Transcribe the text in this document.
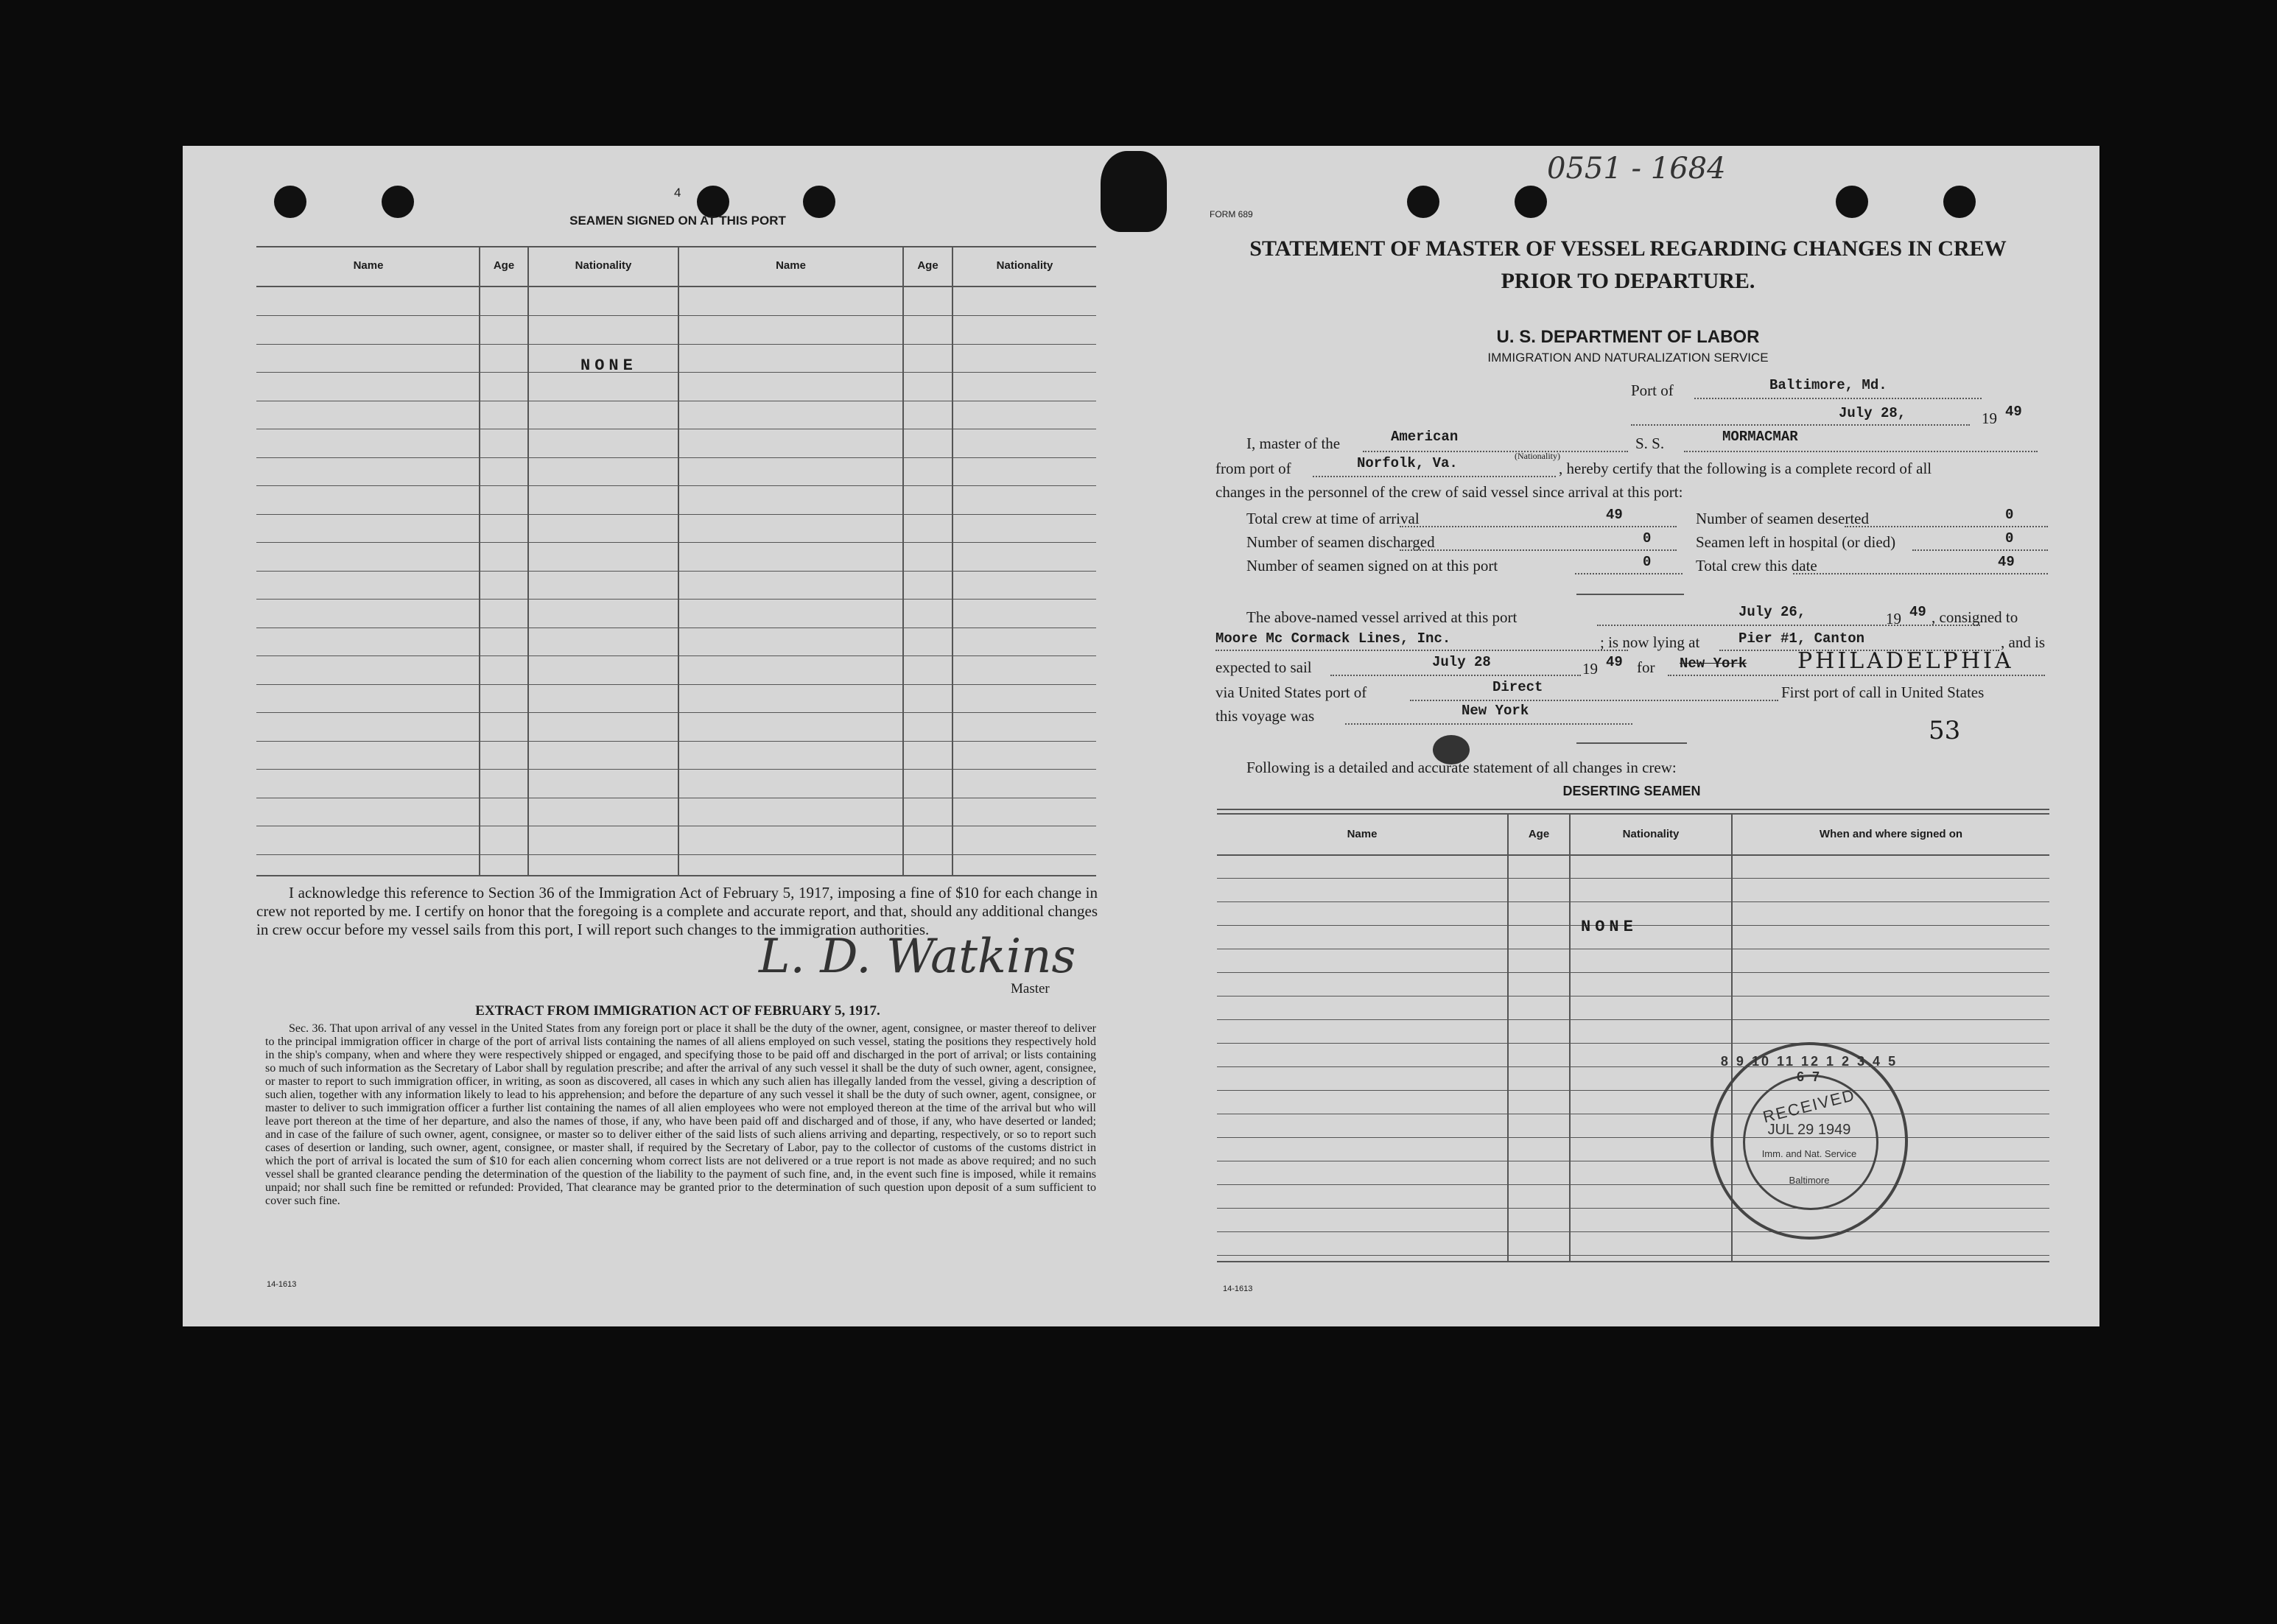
0551 - 1684
4
SEAMEN SIGNED ON AT THIS PORT
Name	Age	Nationality	Name	Age	Nationality
NONE
I acknowledge this reference to Section 36 of the Immigration Act of February 5, 1917, imposing a fine of $10 for each change in crew not reported by me. I certify on honor that the foregoing is a complete and accurate report, and that, should any additional changes in crew occur before my vessel sails from this port, I will report such changes to the immigration authorities.
L. D. Watkins
Master
EXTRACT FROM IMMIGRATION ACT OF FEBRUARY 5, 1917.
Sec. 36. That upon arrival of any vessel in the United States from any foreign port or place it shall be the duty of the owner, agent, consignee, or master thereof to deliver to the principal immigration officer in charge of the port of arrival lists containing the names of all aliens employed on such vessel, stating the positions they respectively hold in the ship's company, when and where they were respectively shipped or engaged, and specifying those to be paid off and discharged in the port of arrival; or lists containing so much of such information as the Secretary of Labor shall by regulation prescribe; and after the arrival of any such vessel it shall be the duty of such owner, agent, consignee, or master to report to such immigration officer, in writing, as soon as discovered, all cases in which any such alien has illegally landed from the vessel, giving a description of such alien, together with any information likely to lead to his apprehension; and before the departure of any such vessel it shall be the duty of such owner, agent, consignee, or master to deliver to such immigration officer a further list containing the names of all alien employees who were not employed thereon at the time of the arrival but who will leave port thereon at the time of her departure, and also the names of those, if any, who have been paid off and discharged and of those, if any, who have deserted or landed; and in case of the failure of such owner, agent, consignee, or master so to deliver either of the said lists of such aliens arriving and departing, respectively, or so to report such cases of desertion or landing, such owner, agent, consignee, or master shall, if required by the Secretary of Labor, pay to the collector of customs of the customs district in which the port of arrival is located the sum of $10 for each alien concerning whom correct lists are not delivered or a true report is not made as above required; and no such vessel shall be granted clearance pending the determination of the question of the liability to the payment of such fine, and, in the event such fine is imposed, while it remains unpaid; nor shall such fine be remitted or refunded: Provided, That clearance may be granted prior to the determination of such question upon deposit of a sum sufficient to cover such fine.
14-1613
FORM 689
STATEMENT OF MASTER OF VESSEL REGARDING CHANGES IN CREW
PRIOR TO DEPARTURE.
U. S. DEPARTMENT OF LABOR
IMMIGRATION AND NATURALIZATION SERVICE
Port of	Baltimore, Md.
July 28,	19 49
I, master of the	American
(Nationality)
S. S.	MORMACMAR
from port of	Norfolk, Va.	, hereby certify that the following is a complete record of all
changes in the personnel of the crew of said vessel since arrival at this port:
Total crew at time of arrival	49
Number of seamen discharged	0
Number of seamen signed on at this port	0
Number of seamen deserted	0
Seamen left in hospital (or died)	0
Total crew this date	49
The above-named vessel arrived at this port	July 26,	19 49 , consigned to
Moore Mc Cormack Lines, Inc.	; is now lying at	Pier #1, Canton	, and is
expected to sail	July 28	19 49 for New York PHILADELPHIA
via United States port of	Direct	First port of call in United States
this voyage was	New York
53
Following is a detailed and accurate statement of all changes in crew:
DESERTING SEAMEN
Name	Age	Nationality	When and where signed on
NONE
14-1613
8 9 10 11 12 1 2 3 4 5 6 7
RECEIVED
JUL 29 1949
Imm. and Nat. Service
Baltimore
